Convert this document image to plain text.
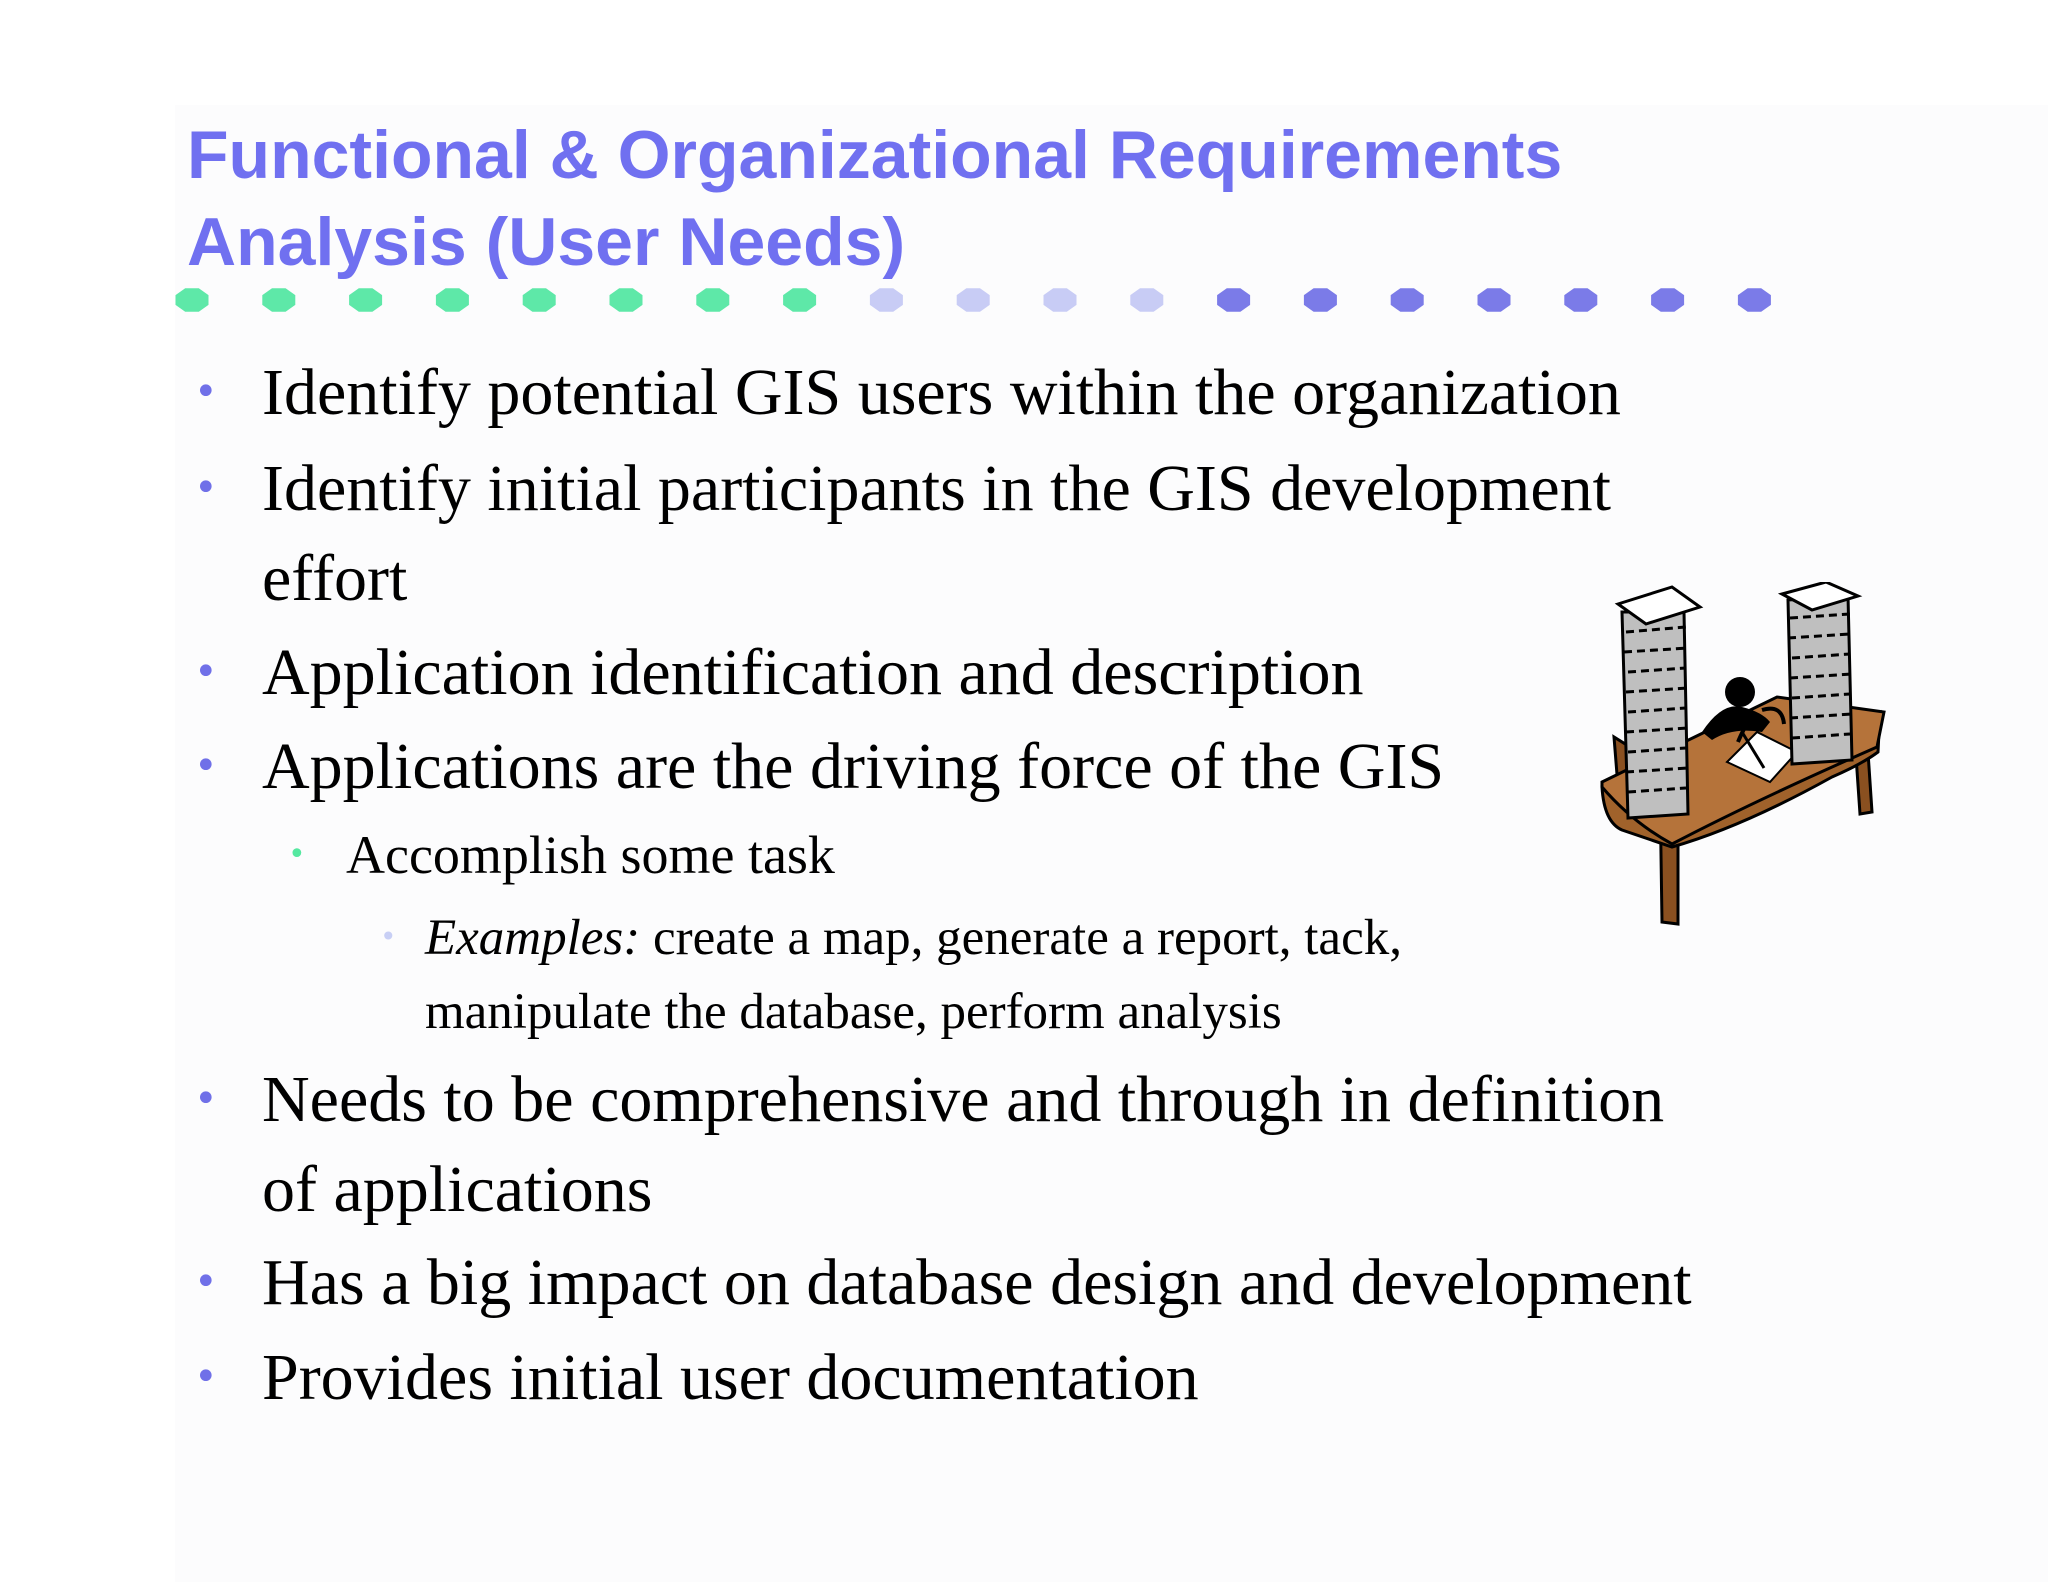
Functional & Organizational Requirements
Analysis (User Needs)
• Identify potential GIS users within the organization
• Identify initial participants in the GIS development
effort
• Application identification and description
• Applications are the driving force of the GIS
• Accomplish some task
• Examples: create a map, generate a report, tack,
manipulate the database, perform analysis
• Needs to be comprehensive and through in definition
of applications
• Has a big impact on database design and development
• Provides initial user documentation
